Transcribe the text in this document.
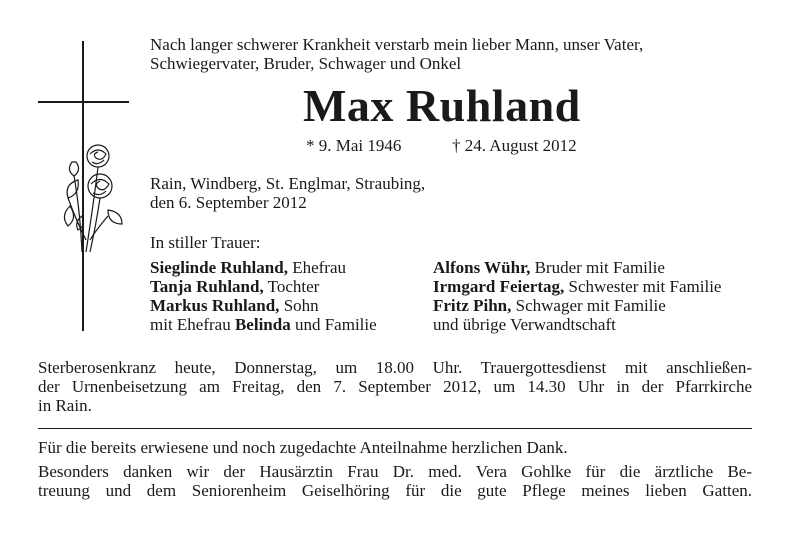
Nach langer schwerer Krankheit verstarb mein lieber Mann, unser Vater,
Schwiegervater, Bruder, Schwager und Onkel
Max Ruhland
* 9. Mai 1946	† 24. August 2012
Rain, Windberg, St. Englmar, Straubing,
den 6. September 2012
In stiller Trauer:
Sieglinde Ruhland, Ehefrau
Tanja Ruhland, Tochter
Markus Ruhland, Sohn
mit Ehefrau Belinda und Familie
Alfons Wühr, Bruder mit Familie
Irmgard Feiertag, Schwester mit Familie
Fritz Pihn, Schwager mit Familie
und übrige Verwandtschaft
Sterberosenkranz heute, Donnerstag, um 18.00 Uhr. Trauergottesdienst mit anschließen-
der Urnenbeisetzung am Freitag, den 7. September 2012, um 14.30 Uhr in der Pfarrkirche
in Rain.
Für die bereits erwiesene und noch zugedachte Anteilnahme herzlichen Dank.
Besonders danken wir der Hausärztin Frau Dr. med. Vera Gohlke für die ärztliche Be-
treuung und dem Seniorenheim Geiselhöring für die gute Pflege meines lieben Gatten.
